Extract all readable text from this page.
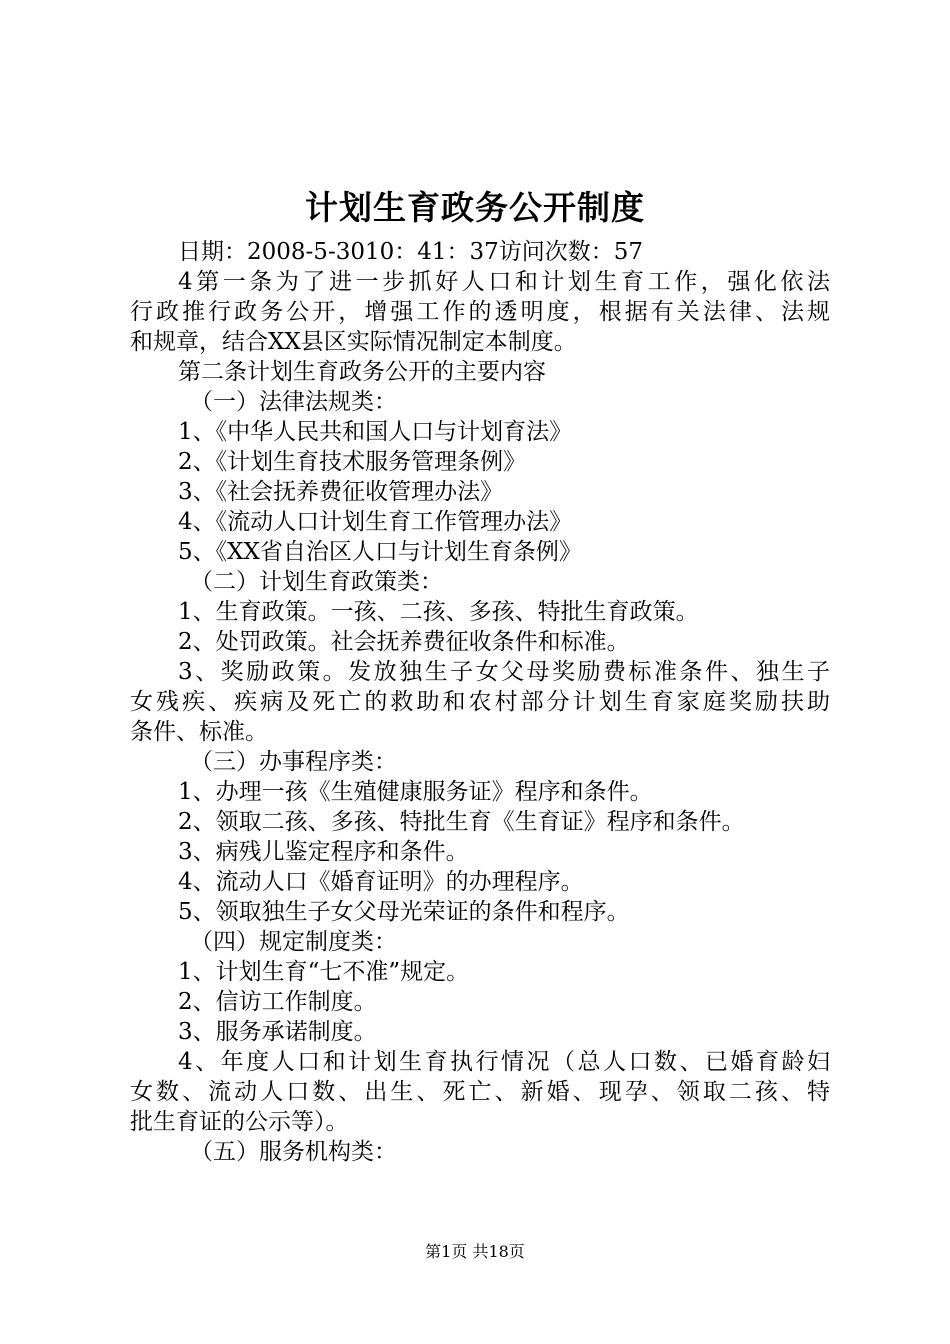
计划生育政务公开制度
日期：2008-5-3010：41：37访问次数：57
4第一条为了进一步抓好人口和计划生育工作，强化依法
行政推行政务公开，增强工作的透明度，根据有关法律、法规
和规章，结合XX县区实际情况制定本制度。
第二条计划生育政务公开的主要内容
（一）法律法规类：
1、《中华人民共和国人口与计划育法》
2、《计划生育技术服务管理条例》
3、《社会抚养费征收管理办法》
4、《流动人口计划生育工作管理办法》
5、《XX省自治区人口与计划生育条例》
（二）计划生育政策类：
1、生育政策。一孩、二孩、多孩、特批生育政策。
2、处罚政策。社会抚养费征收条件和标准。
3、奖励政策。发放独生子女父母奖励费标准条件、独生子
女残疾、疾病及死亡的救助和农村部分计划生育家庭奖励扶助
条件、标准。
（三）办事程序类：
1、办理一孩《生殖健康服务证》程序和条件。
2、领取二孩、多孩、特批生育《生育证》程序和条件。
3、病残儿鉴定程序和条件。
4、流动人口《婚育证明》的办理程序。
5、领取独生子女父母光荣证的条件和程序。
（四）规定制度类：
1、计划生育“七不准”规定。
2、信访工作制度。
3、服务承诺制度。
4、年度人口和计划生育执行情况（总人口数、已婚育龄妇
女数、流动人口数、出生、死亡、新婚、现孕、领取二孩、特
批生育证的公示等）。
（五）服务机构类：
第1页 共18页
